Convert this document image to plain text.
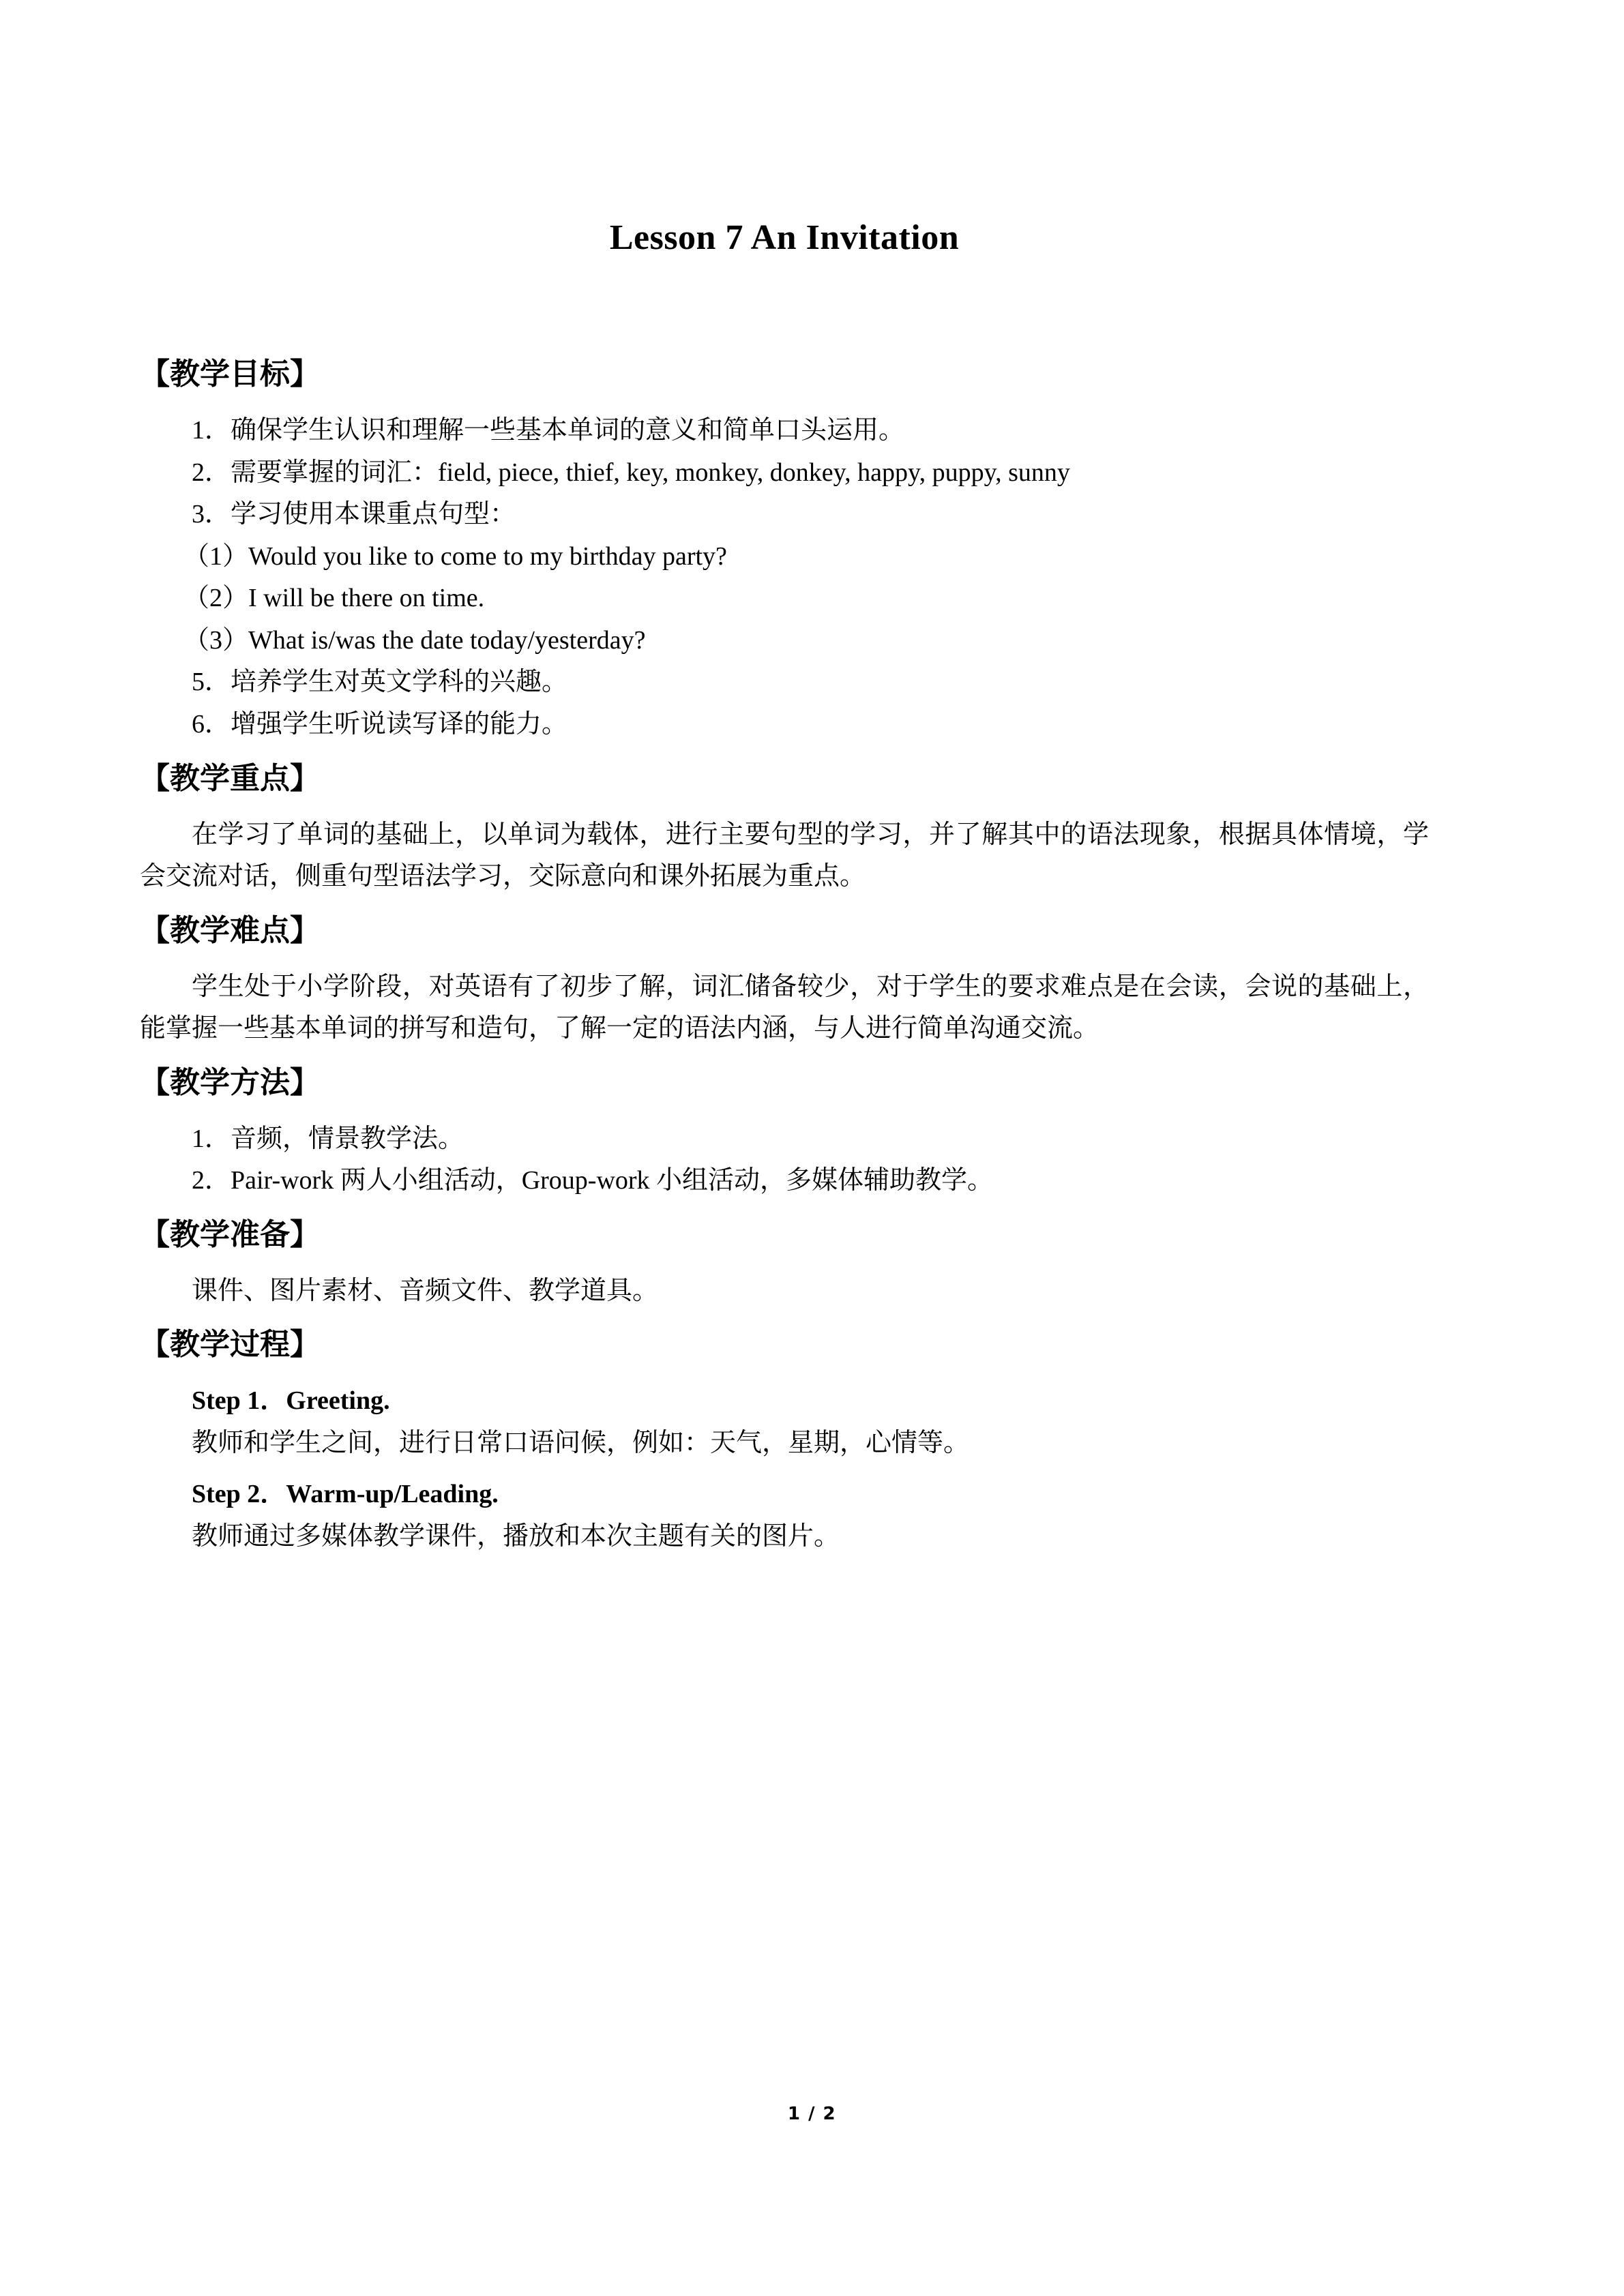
Lesson 7 An Invitation
【教学目标】

1．确保学生认识和理解一些基本单词的意义和简单口头运用。

2．需要掌握的词汇：field, piece, thief, key, monkey, donkey, happy, puppy, sunny

3．学习使用本课重点句型：

（1）Would you like to come to my birthday party?

（2）I will be there on time.

（3）What is/was the date today/yesterday?

5．培养学生对英文学科的兴趣。

6．增强学生听说读写译的能力。

【教学重点】

在学习了单词的基础上，以单词为载体，进行主要句型的学习，并了解其中的语法现象，根据具体情境，学会交流对话，侧重句型语法学习，交际意向和课外拓展为重点。

【教学难点】

学生处于小学阶段，对英语有了初步了解，词汇储备较少，对于学生的要求难点是在会读，会说的基础上，能掌握一些基本单词的拼写和造句，了解一定的语法内涵，与人进行简单沟通交流。

【教学方法】

1．音频，情景教学法。

2．Pair-work 两人小组活动，Group-work 小组活动，多媒体辅助教学。

【教学准备】

课件、图片素材、音频文件、教学道具。

【教学过程】

Step 1．Greeting.

教师和学生之间，进行日常口语问候，例如：天气，星期，心情等。

Step 2．Warm-up/Leading.

教师通过多媒体教学课件，播放和本次主题有关的图片。

1 / 2
